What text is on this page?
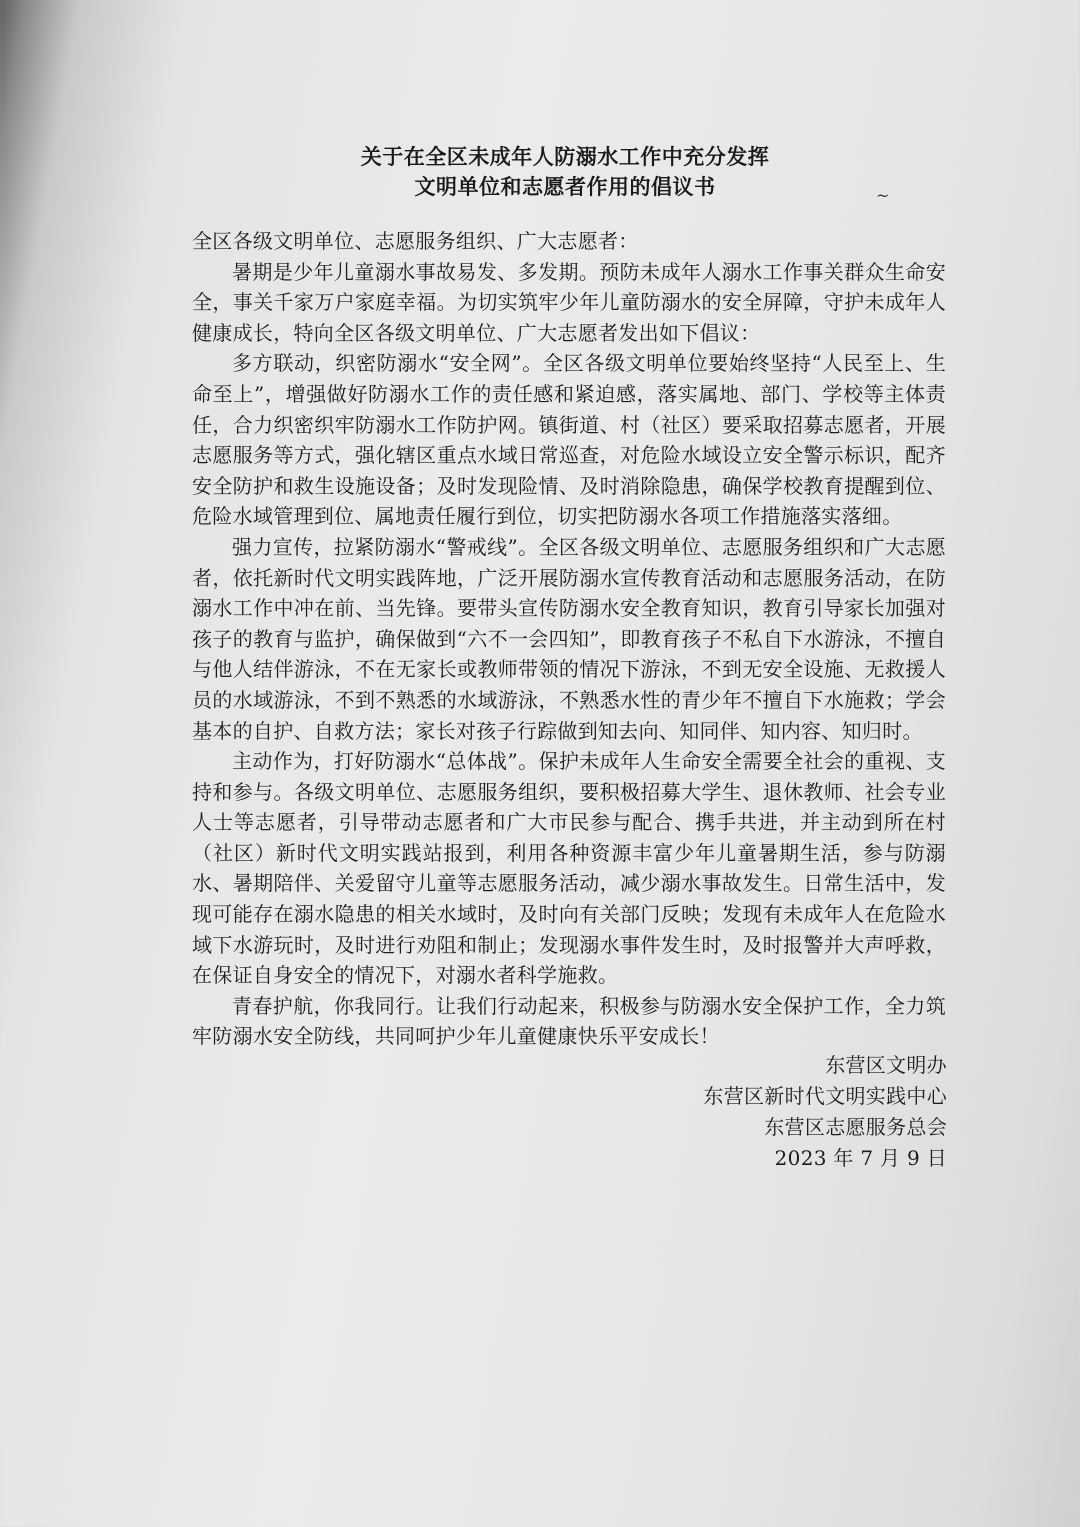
关于在全区未成年人防溺水工作中充分发挥
文明单位和志愿者作用的倡议书	~

全区各级文明单位、志愿服务组织、广大志愿者：

暑期是少年儿童溺水事故易发、多发期。预防未成年人溺水工作事关群众生命安全，事关千家万户家庭幸福。为切实筑牢少年儿童防溺水的安全屏障，守护未成年人健康成长，特向全区各级文明单位、广大志愿者发出如下倡议：

多方联动，织密防溺水“安全网”。全区各级文明单位要始终坚持“人民至上、生命至上”，增强做好防溺水工作的责任感和紧迫感，落实属地、部门、学校等主体责任，合力织密织牢防溺水工作防护网。镇街道、村（社区）要采取招募志愿者，开展志愿服务等方式，强化辖区重点水域日常巡查，对危险水域设立安全警示标识，配齐安全防护和救生设施设备；及时发现险情、及时消除隐患，确保学校教育提醒到位、危险水域管理到位、属地责任履行到位，切实把防溺水各项工作措施落实落细。

强力宣传，拉紧防溺水“警戒线”。全区各级文明单位、志愿服务组织和广大志愿者，依托新时代文明实践阵地，广泛开展防溺水宣传教育活动和志愿服务活动，在防溺水工作中冲在前、当先锋。要带头宣传防溺水安全教育知识，教育引导家长加强对孩子的教育与监护，确保做到“六不一会四知”，即教育孩子不私自下水游泳，不擅自与他人结伴游泳，不在无家长或教师带领的情况下游泳，不到无安全设施、无救援人员的水域游泳，不到不熟悉的水域游泳，不熟悉水性的青少年不擅自下水施救；学会基本的自护、自救方法；家长对孩子行踪做到知去向、知同伴、知内容、知归时。

主动作为，打好防溺水“总体战”。保护未成年人生命安全需要全社会的重视、支持和参与。各级文明单位、志愿服务组织，要积极招募大学生、退休教师、社会专业人士等志愿者，引导带动志愿者和广大市民参与配合、携手共进，并主动到所在村（社区）新时代文明实践站报到，利用各种资源丰富少年儿童暑期生活，参与防溺水、暑期陪伴、关爱留守儿童等志愿服务活动，减少溺水事故发生。日常生活中，发现可能存在溺水隐患的相关水域时，及时向有关部门反映；发现有未成年人在危险水域下水游玩时，及时进行劝阻和制止；发现溺水事件发生时，及时报警并大声呼救，在保证自身安全的情况下，对溺水者科学施救。

青春护航，你我同行。让我们行动起来，积极参与防溺水安全保护工作，全力筑牢防溺水安全防线，共同呵护少年儿童健康快乐平安成长！

东营区文明办
东营区新时代文明实践中心
东营区志愿服务总会
2023 年 7 月 9 日
